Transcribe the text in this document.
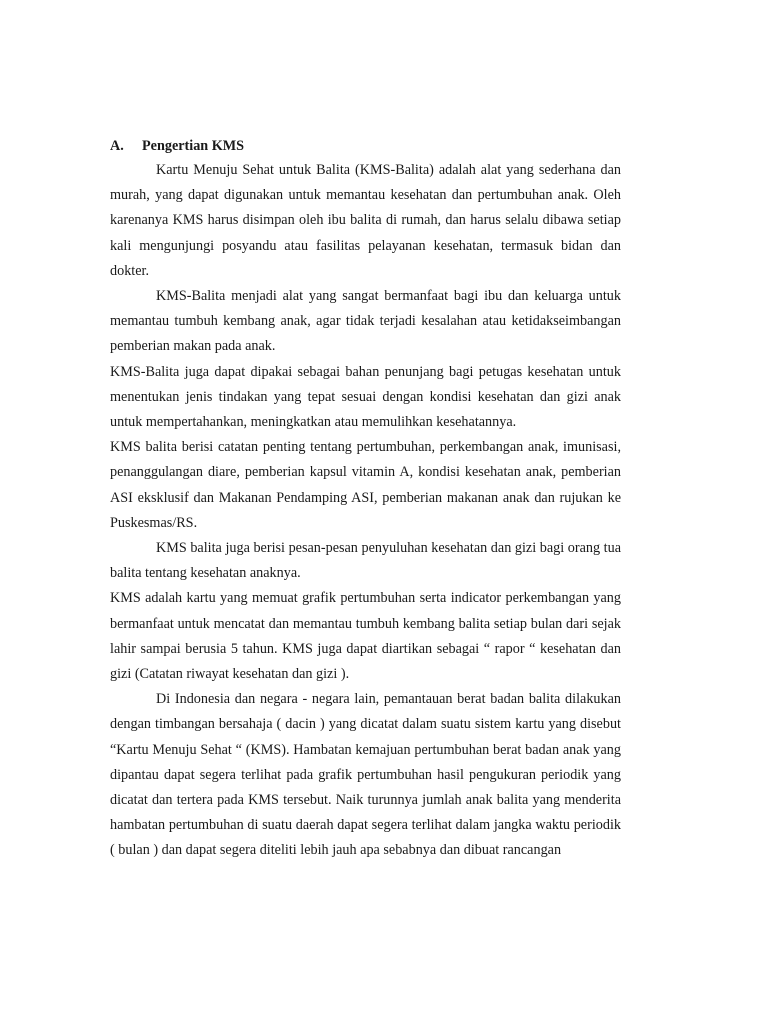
A. Pengertian KMS

Kartu Menuju Sehat untuk Balita (KMS-Balita) adalah alat yang sederhana dan murah, yang dapat digunakan untuk memantau kesehatan dan pertumbuhan anak. Oleh karenanya KMS harus disimpan oleh ibu balita di rumah, dan harus selalu dibawa setiap kali mengunjungi posyandu atau fasilitas pelayanan kesehatan, termasuk bidan dan dokter.

KMS-Balita menjadi alat yang sangat bermanfaat bagi ibu dan keluarga untuk memantau tumbuh kembang anak, agar tidak terjadi kesalahan atau ketidakseimbangan pemberian makan pada anak.

KMS-Balita juga dapat dipakai sebagai bahan penunjang bagi petugas kesehatan untuk menentukan jenis tindakan yang tepat sesuai dengan kondisi kesehatan dan gizi anak untuk mempertahankan, meningkatkan atau memulihkan kesehatannya.

KMS balita berisi catatan penting tentang pertumbuhan, perkembangan anak, imunisasi, penanggulangan diare, pemberian kapsul vitamin A, kondisi kesehatan anak, pemberian ASI eksklusif dan Makanan Pendamping ASI, pemberian makanan anak dan rujukan ke Puskesmas/RS.

KMS balita juga berisi pesan-pesan penyuluhan kesehatan dan gizi bagi orang tua balita tentang kesehatan anaknya.

KMS adalah kartu yang memuat grafik pertumbuhan serta indicator perkembangan yang bermanfaat untuk mencatat dan memantau tumbuh kembang balita setiap bulan dari sejak lahir sampai berusia 5 tahun. KMS juga dapat diartikan sebagai “ rapor “ kesehatan dan gizi (Catatan riwayat kesehatan dan gizi ).

Di Indonesia dan negara - negara lain, pemantauan berat badan balita dilakukan dengan timbangan bersahaja ( dacin ) yang dicatat dalam suatu sistem kartu yang disebut “Kartu Menuju Sehat “ (KMS). Hambatan kemajuan pertumbuhan berat badan anak yang dipantau dapat segera terlihat pada grafik pertumbuhan hasil pengukuran periodik yang dicatat dan tertera pada KMS tersebut. Naik turunnya jumlah anak balita yang menderita hambatan pertumbuhan di suatu daerah dapat segera terlihat dalam jangka waktu periodik ( bulan ) dan dapat segera diteliti lebih jauh apa sebabnya dan dibuat rancangan
